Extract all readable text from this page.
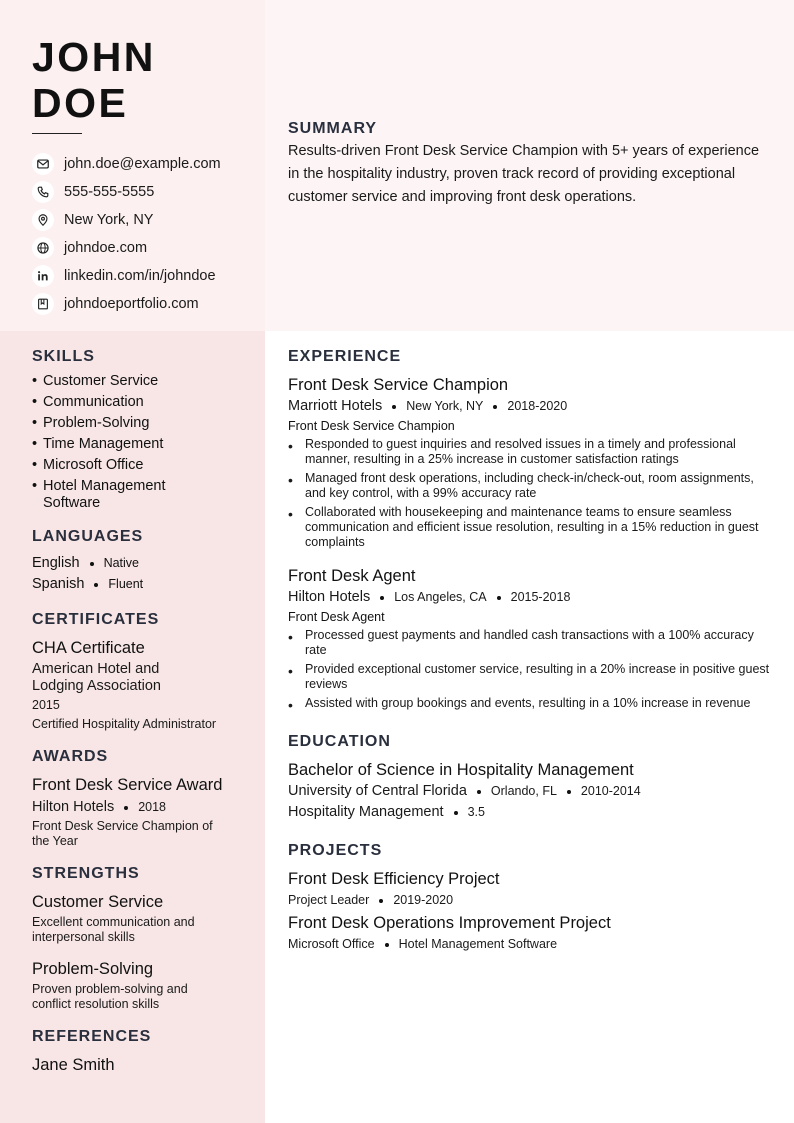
JOHN
DOE
john.doe@example.com
555-555-5555
New York, NY
johndoe.com
linkedin.com/in/johndoe
johndoeportfolio.com
SUMMARY

Results-driven Front Desk Service Champion with 5+ years of experience in the hospitality industry, proven track record of providing exceptional customer service and improving front desk operations.

SKILLS
• Customer Service
• Communication
• Problem-Solving
• Time Management
• Microsoft Office
• Hotel Management Software
LANGUAGES
English Native
Spanish Fluent
CERTIFICATES
CHA Certificate
American Hotel and Lodging Association
2015
Certified Hospitality Administrator
AWARDS
Front Desk Service Award
Hilton Hotels 2018
Front Desk Service Champion of the Year
STRENGTHS
Customer Service
Excellent communication and interpersonal skills
Problem-Solving
Proven problem-solving and conflict resolution skills
REFERENCES
Jane Smith
EXPERIENCE
Front Desk Service Champion
Marriott Hotels New York, NY 2018-2020
Front Desk Service Champion
• Responded to guest inquiries and resolved issues in a timely and professional manner, resulting in a 25% increase in customer satisfaction ratings
• Managed front desk operations, including check-in/check-out, room assignments, and key control, with a 99% accuracy rate
• Collaborated with housekeeping and maintenance teams to ensure seamless communication and efficient issue resolution, resulting in a 15% reduction in guest complaints
Front Desk Agent
Hilton Hotels Los Angeles, CA 2015-2018
Front Desk Agent
• Processed guest payments and handled cash transactions with a 100% accuracy rate
• Provided exceptional customer service, resulting in a 20% increase in positive guest reviews
• Assisted with group bookings and events, resulting in a 10% increase in revenue
EDUCATION
Bachelor of Science in Hospitality Management
University of Central Florida Orlando, FL 2010-2014
Hospitality Management 3.5
PROJECTS
Front Desk Efficiency Project
Project Leader 2019-2020
Front Desk Operations Improvement Project
Microsoft Office Hotel Management Software
